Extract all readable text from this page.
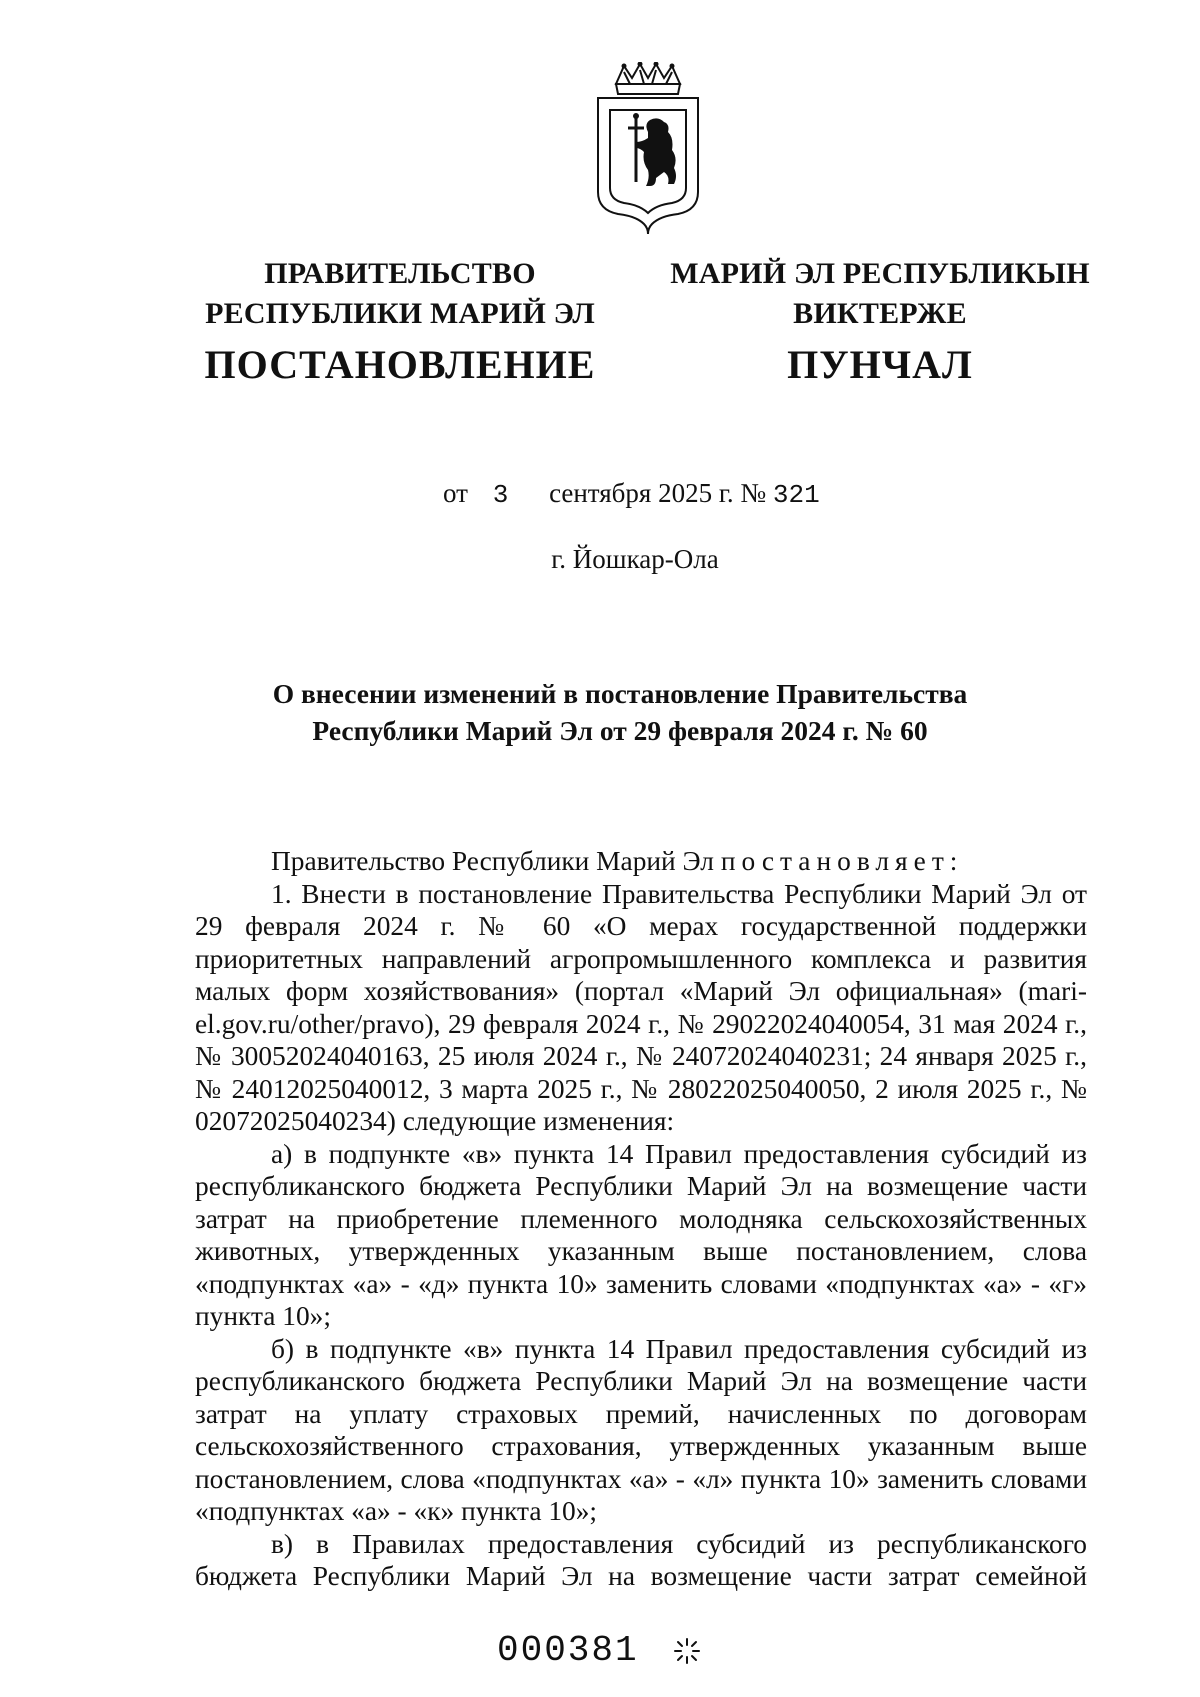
ПРАВИТЕЛЬСТВО
РЕСПУБЛИКИ МАРИЙ ЭЛ
ПОСТАНОВЛЕНИЕ
МАРИЙ ЭЛ РЕСПУБЛИКЫН
ВИКТЕРЖЕ
ПУНЧАЛ
от 3 сентября 2025 г. № 321
г. Йошкар-Ола
О внесении изменений в постановление Правительства
Республики Марий Эл от 29 февраля 2024 г. № 60

Правительство Республики Марий Эл постановляет:

1. Внести в постановление Правительства Республики Марий Эл от 29 февраля 2024 г. № 60 «О мерах государственной поддержки приоритетных направлений агропромышленного комплекса и развития малых форм хозяйствования» (портал «Марий Эл официальная» (mari-el.gov.ru/other/pravo), 29 февраля 2024 г., № 29022024040054, 31 мая 2024 г., № 30052024040163, 25 июля 2024 г., № 24072024040231; 24 января 2025 г., № 24012025040012, 3 марта 2025 г., № 28022025040050, 2 июля 2025 г., № 02072025040234) следующие изменения:

а) в подпункте «в» пункта 14 Правил предоставления субсидий из республиканского бюджета Республики Марий Эл на возмещение части затрат на приобретение племенного молодняка сельскохозяйственных животных, утвержденных указанным выше постановлением, слова «подпунктах «а» - «д» пункта 10» заменить словами «подпунктах «а» - «г» пункта 10»;

б) в подпункте «в» пункта 14 Правил предоставления субсидий из республиканского бюджета Республики Марий Эл на возмещение части затрат на уплату страховых премий, начисленных по договорам сельскохозяйственного страхования, утвержденных указанным выше постановлением, слова «подпунктах «а» - «л» пункта 10» заменить словами «подпунктах «а» - «к» пункта 10»;

в) в Правилах предоставления субсидий из республиканского бюджета Республики Марий Эл на возмещение части затрат семейной

000381
